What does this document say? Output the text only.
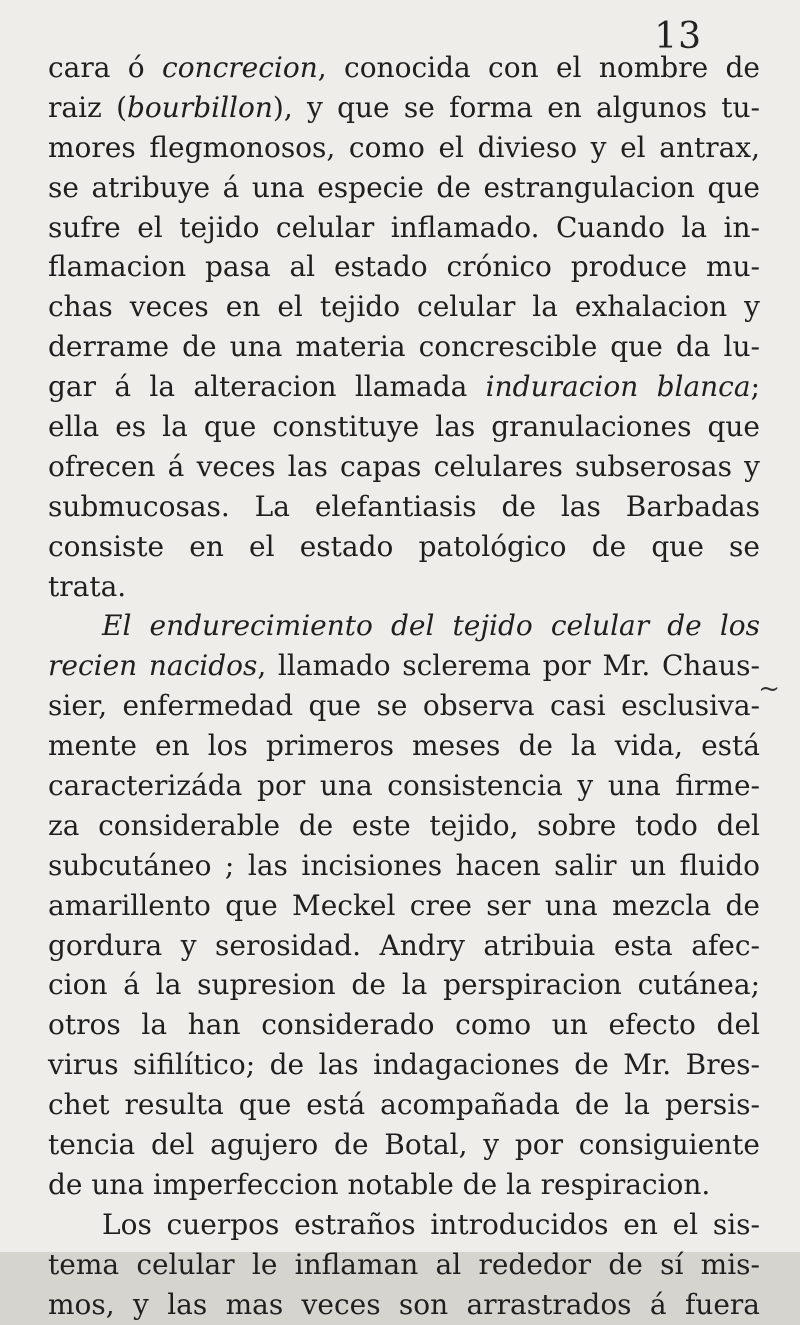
13
~
cara ó concrecion, conocida con el nombre de
raiz (bourbillon), y que se forma en algunos tu-
mores flegmonosos, como el divieso y el antrax,
se atribuye á una especie de estrangulacion que
sufre el tejido celular inflamado. Cuando la in-
flamacion pasa al estado crónico produce mu-
chas veces en el tejido celular la exhalacion y
derrame de una materia concrescible que da lu-
gar á la alteracion llamada induracion blanca;
ella es la que constituye las granulaciones que
ofrecen á veces las capas celulares subserosas y
submucosas. La elefantiasis de las Barbadas
consiste en el estado patológico de que se
trata.
El endurecimiento del tejido celular de los
recien nacidos, llamado sclerema por Mr. Chaus-
sier, enfermedad que se observa casi esclusiva-
mente en los primeros meses de la vida, está
caracterizáda por una consistencia y una firme-
za considerable de este tejido, sobre todo del
subcutáneo ; las incisiones hacen salir un fluido
amarillento que Meckel cree ser una mezcla de
gordura y serosidad. Andry atribuia esta afec-
cion á la supresion de la perspiracion cutánea;
otros la han considerado como un efecto del
virus sifilítico; de las indagaciones de Mr. Bres-
chet resulta que está acompañada de la persis-
tencia del agujero de Botal, y por consiguiente
de una imperfeccion notable de la respiracion.
Los cuerpos estraños introducidos en el sis-
tema celular le inflaman al rededor de sí mis-
mos, y las mas veces son arrastrados á fuera
